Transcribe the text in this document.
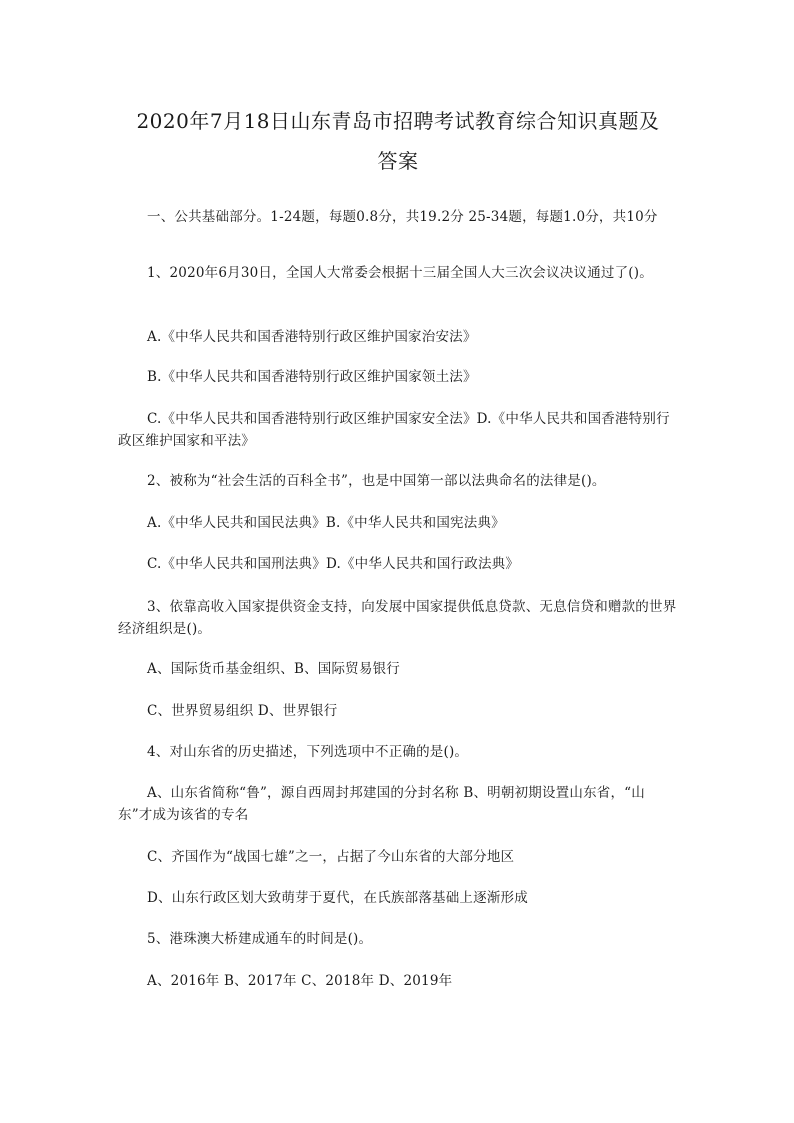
2020年7月18日山东青岛市招聘考试教育综合知识真题及
答案

一、公共基础部分。1-24题，每题0.8分，共19.2分 25-34题，每题1.0分，共10分

1、2020年6月30日，全国人大常委会根据十三届全国人大三次会议决议通过了()。

A.《中华人民共和国香港特别行政区维护国家治安法》

B.《中华人民共和国香港特别行政区维护国家领土法》

C.《中华人民共和国香港特别行政区维护国家安全法》D.《中华人民共和国香港特别行政区维护国家和平法》

2、被称为“社会生活的百科全书”，也是中国第一部以法典命名的法律是()。

A.《中华人民共和国民法典》B.《中华人民共和国宪法典》

C.《中华人民共和国刑法典》D.《中华人民共和国行政法典》

3、依靠高收入国家提供资金支持，向发展中国家提供低息贷款、无息信贷和赠款的世界经济组织是()。

A、国际货币基金组织、B、国际贸易银行

C、世界贸易组织 D、世界银行

4、对山东省的历史描述，下列选项中不正确的是()。

A、山东省简称“鲁”，源自西周封邦建国的分封名称 B、明朝初期设置山东省，“山东”才成为该省的专名

C、齐国作为“战国七雄”之一，占据了今山东省的大部分地区

D、山东行政区划大致萌芽于夏代，在氏族部落基础上逐渐形成

5、港珠澳大桥建成通车的时间是()。

A、2016年 B、2017年 C、2018年 D、2019年
